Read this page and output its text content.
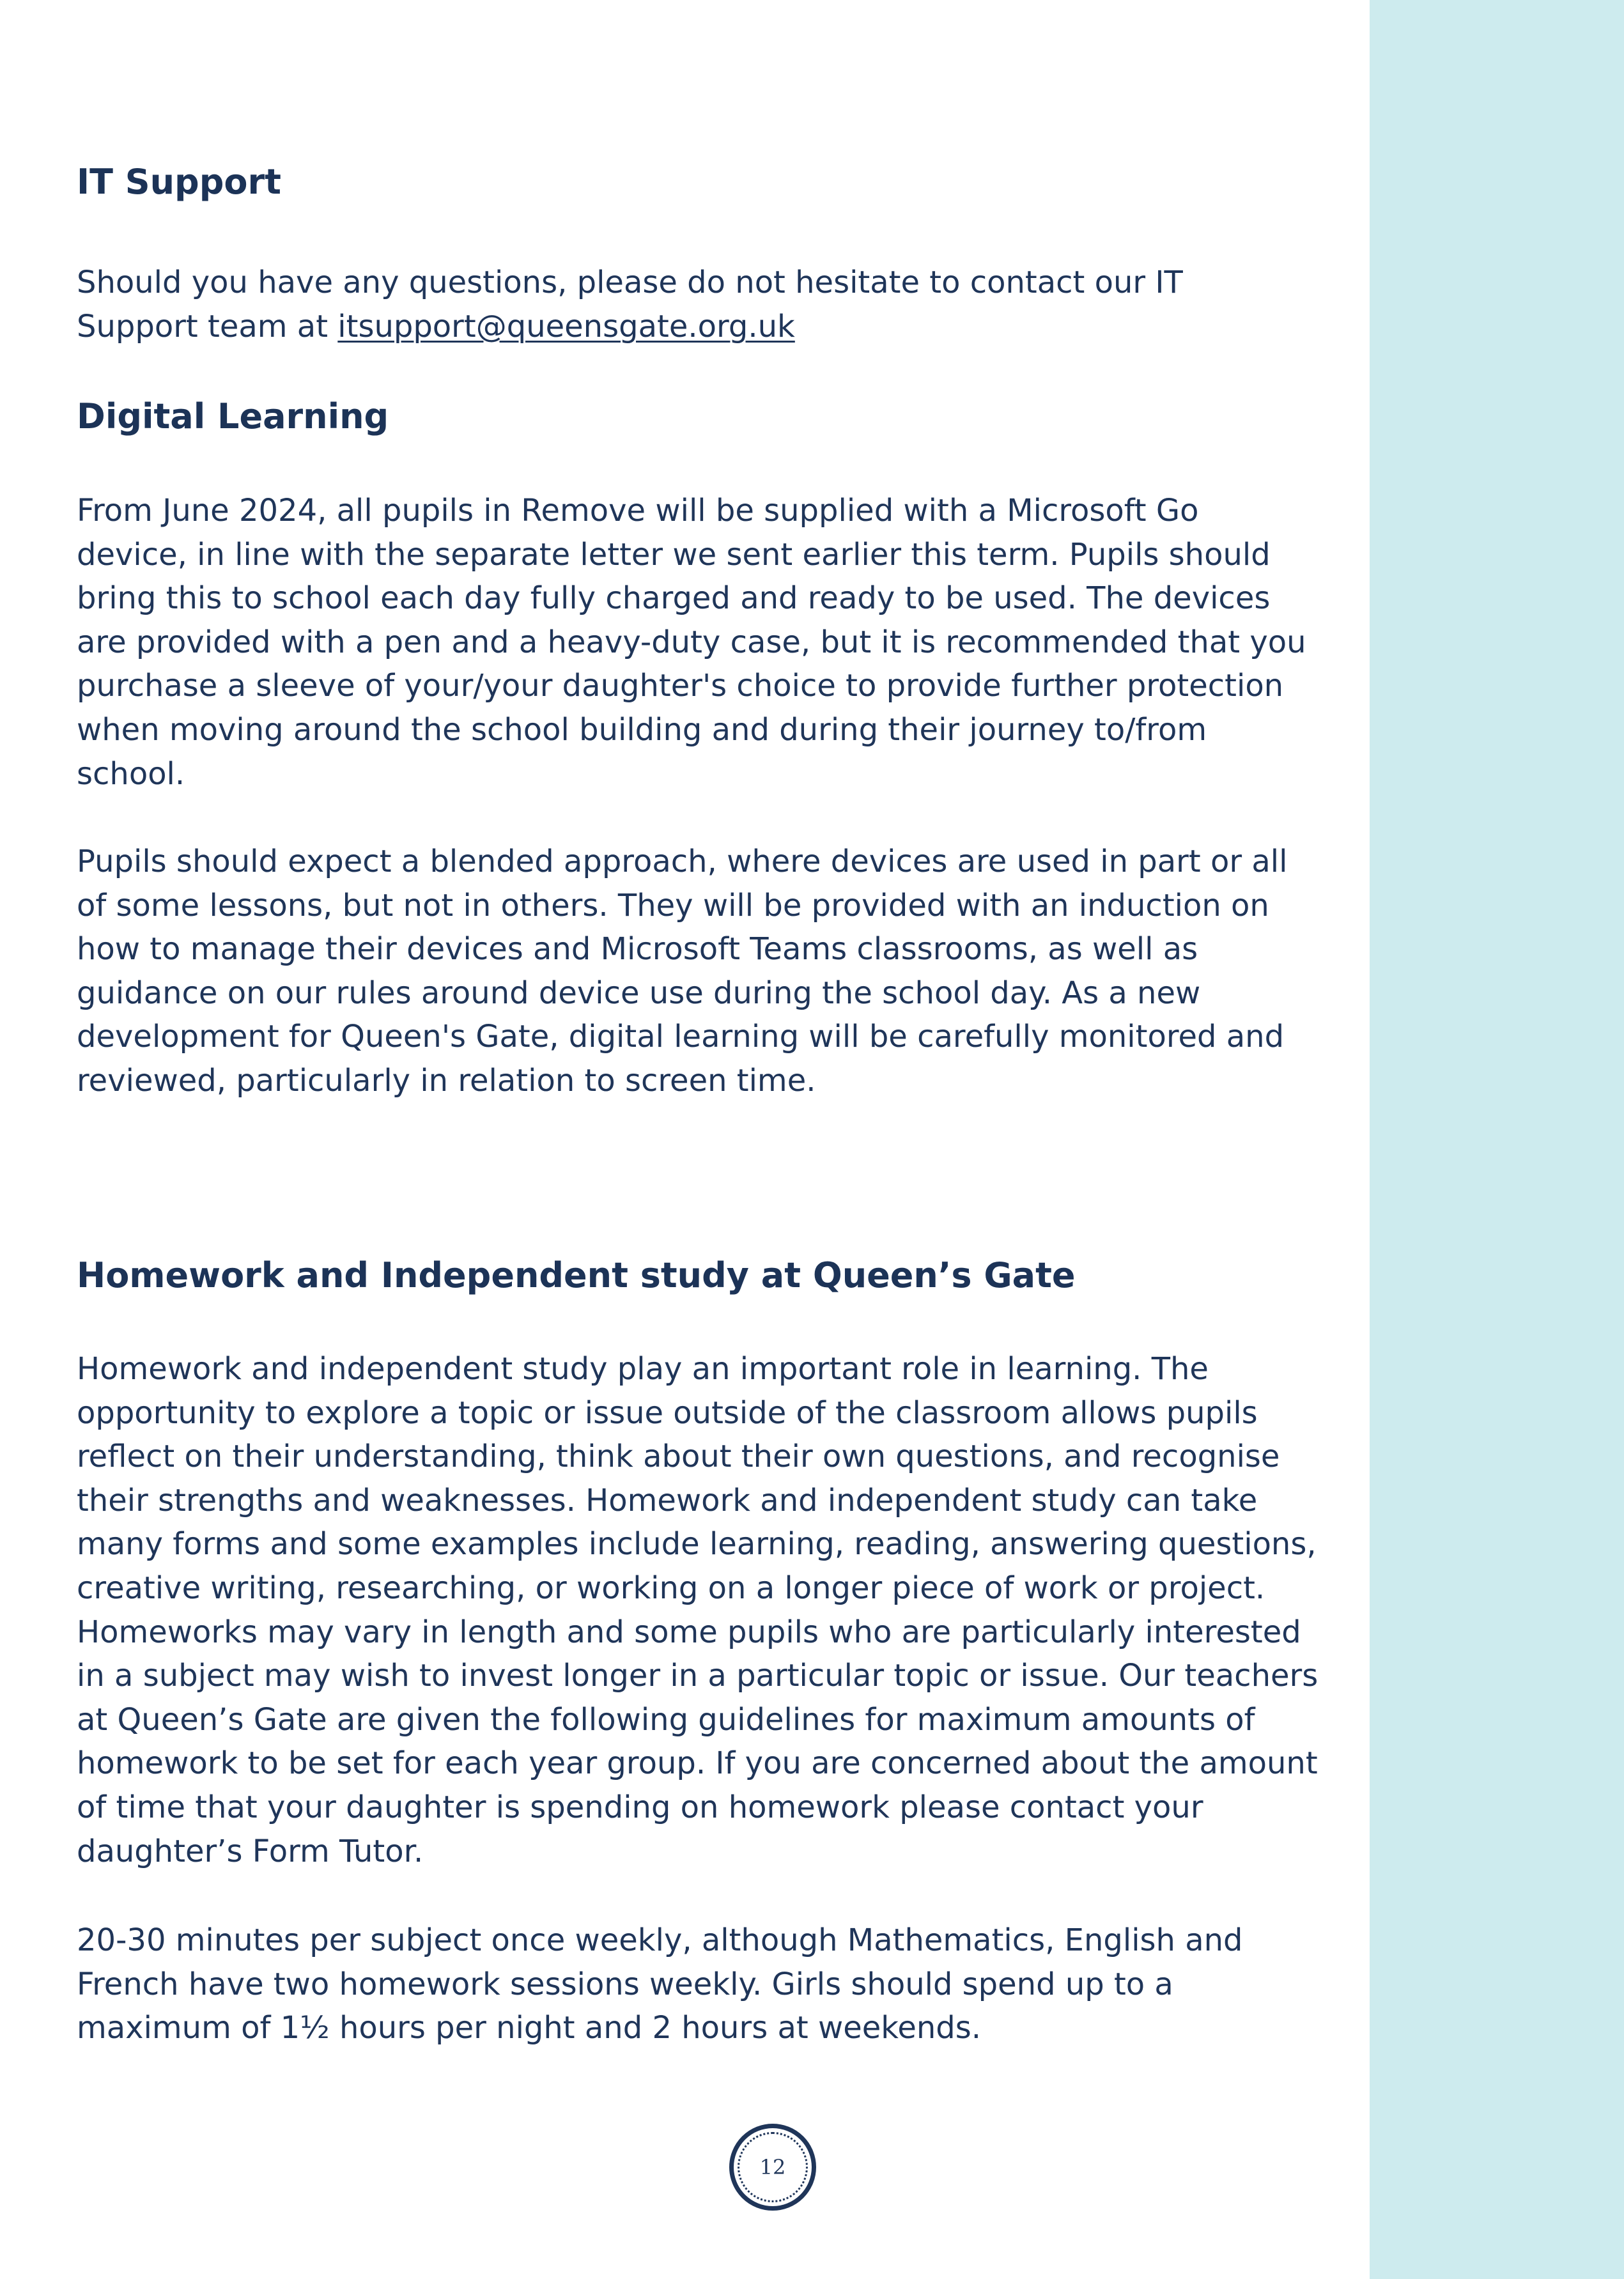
IT Support

Should you have any questions, please do not hesitate to contact our IT
Support team at itsupport@queensgate.org.uk

Digital Learning

From June 2024, all pupils in Remove will be supplied with a Microsoft Go
device, in line with the separate letter we sent earlier this term. Pupils should
bring this to school each day fully charged and ready to be used. The devices
are provided with a pen and a heavy-duty case, but it is recommended that you
purchase a sleeve of your/your daughter's choice to provide further protection
when moving around the school building and during their journey to/from
school.

Pupils should expect a blended approach, where devices are used in part or all
of some lessons, but not in others. They will be provided with an induction on
how to manage their devices and Microsoft Teams classrooms, as well as
guidance on our rules around device use during the school day. As a new
development for Queen's Gate, digital learning will be carefully monitored and
reviewed, particularly in relation to screen time.

Homework and Independent study at Queen’s Gate

Homework and independent study play an important role in learning. The
opportunity to explore a topic or issue outside of the classroom allows pupils
reflect on their understanding, think about their own questions, and recognise
their strengths and weaknesses. Homework and independent study can take
many forms and some examples include learning, reading, answering questions,
creative writing, researching, or working on a longer piece of work or project.
Homeworks may vary in length and some pupils who are particularly interested
in a subject may wish to invest longer in a particular topic or issue. Our teachers
at Queen’s Gate are given the following guidelines for maximum amounts of
homework to be set for each year group. If you are concerned about the amount
of time that your daughter is spending on homework please contact your
daughter’s Form Tutor.

20-30 minutes per subject once weekly, although Mathematics, English and
French have two homework sessions weekly. Girls should spend up to a
maximum of 1½ hours per night and 2 hours at weekends.

12
